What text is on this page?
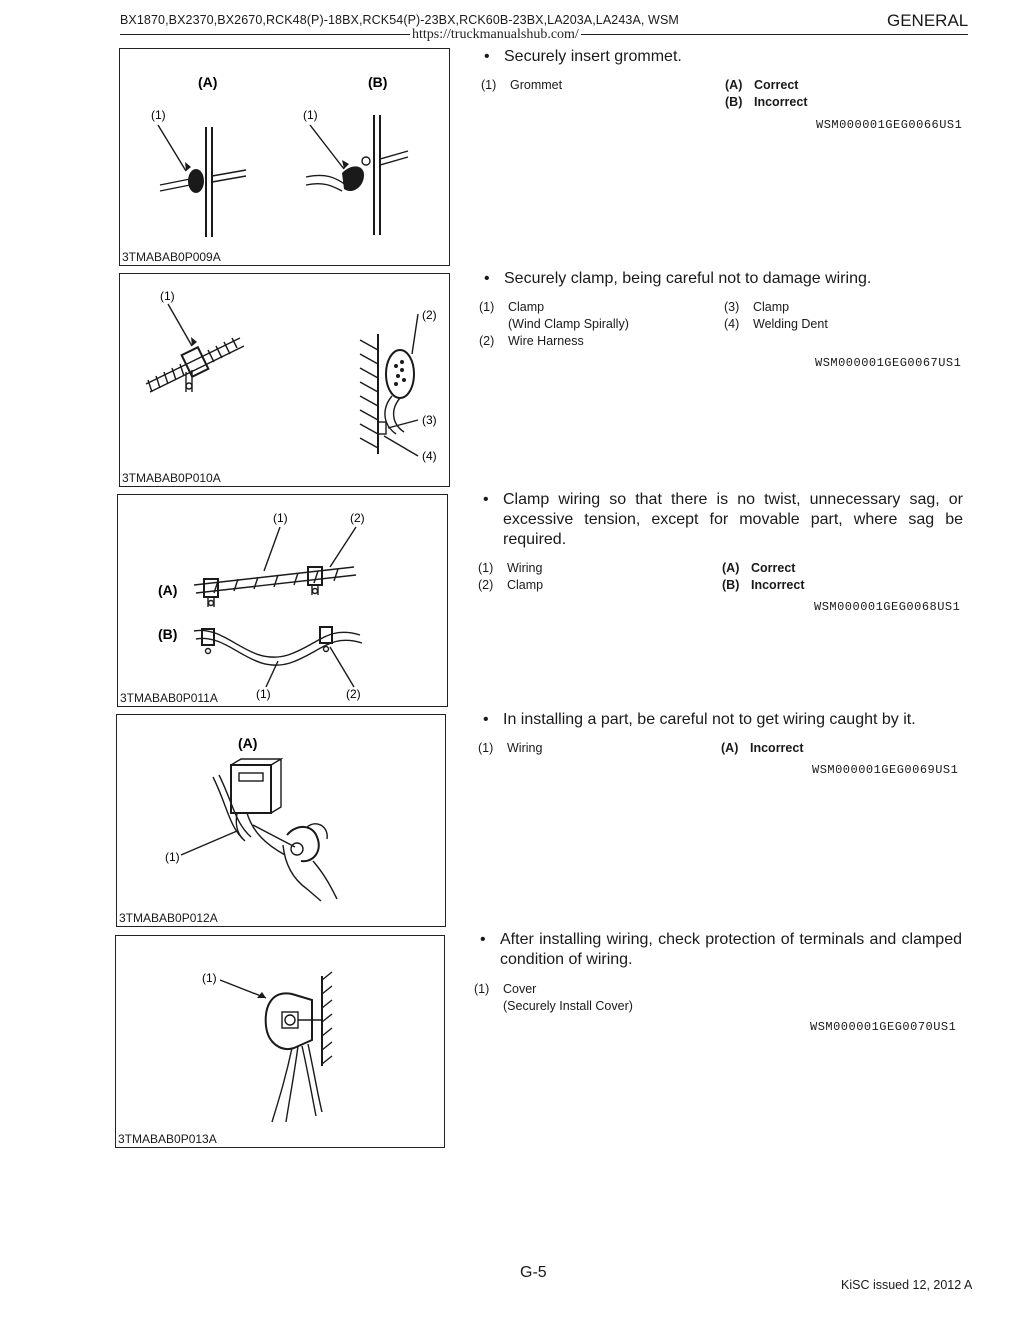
BX1870,BX2370,BX2670,RCK48(P)-18BX,RCK54(P)-23BX,RCK60B-23BX,LA203A,LA243A, WSM	GENERAL
https://truckmanualshub.com/
(A)	(B)
(1)	(1)
3TMABAB0P009A
• Securely insert grommet.
(1) Grommet	(A) Correct
(B) Incorrect
WSM000001GEG0066US1
(1)
(2)
(3)
(4)
3TMABAB0P010A
• Securely clamp, being careful not to damage wiring.
(1) Clamp
(Wind Clamp Spirally)
(2) Wire Harness
(3) Clamp
(4) Welding Dent
WSM000001GEG0067US1
(1)	(2)
(A)
(B)
(1)	(2)
3TMABAB0P011A
• Clamp wiring so that there is no twist, unnecessary sag, or excessive tension, except for movable part, where sag be required.
(1) Wiring
(2) Clamp
(A) Correct
(B) Incorrect
WSM000001GEG0068US1
(A)
(1)
3TMABAB0P012A
• In installing a part, be careful not to get wiring caught by it.
(1) Wiring	(A) Incorrect
WSM000001GEG0069US1
(1)
3TMABAB0P013A
• After installing wiring, check protection of terminals and clamped condition of wiring.
(1) Cover
(Securely Install Cover)
WSM000001GEG0070US1
G-5
KiSC issued 12, 2012 A
